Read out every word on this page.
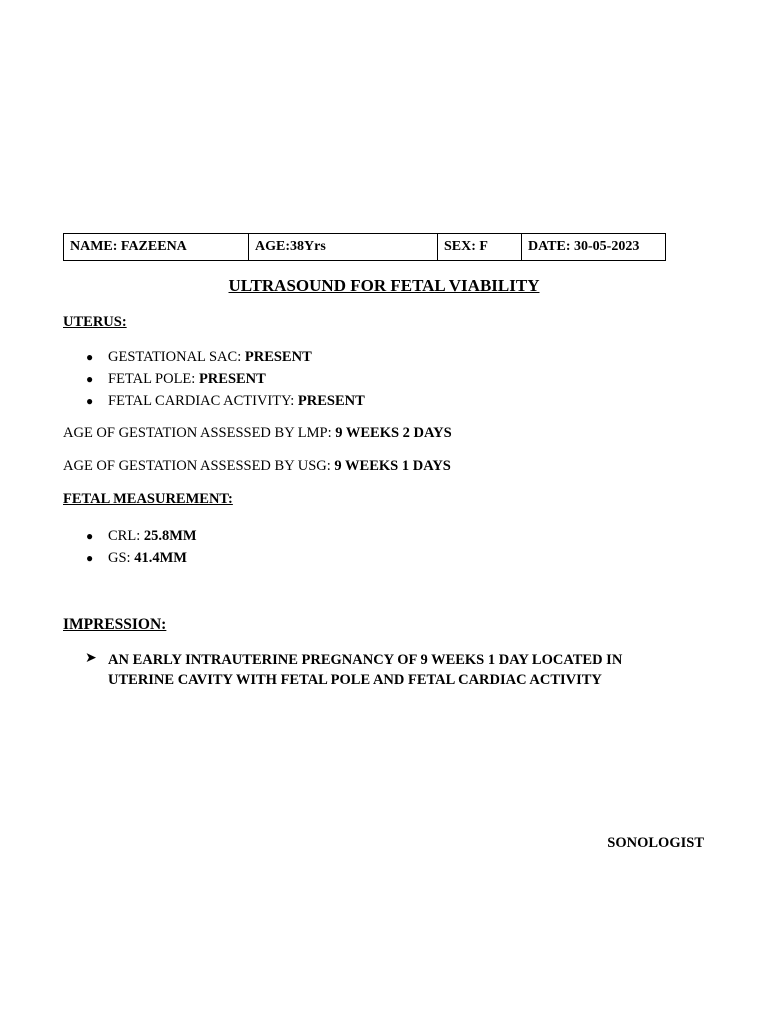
NAME: FAZEENA	AGE:38Yrs	SEX: F	DATE: 30-05-2023
ULTRASOUND FOR FETAL VIABILITY
UTERUS:
● GESTATIONAL SAC: PRESENT
● FETAL POLE: PRESENT
● FETAL CARDIAC ACTIVITY: PRESENT
AGE OF GESTATION ASSESSED BY LMP: 9 WEEKS 2 DAYS
AGE OF GESTATION ASSESSED BY USG: 9 WEEKS 1 DAYS
FETAL MEASUREMENT:
● CRL: 25.8MM
● GS: 41.4MM
IMPRESSION:
➤ AN EARLY INTRAUTERINE PREGNANCY OF 9 WEEKS 1 DAY LOCATED IN UTERINE CAVITY WITH FETAL POLE AND FETAL CARDIAC ACTIVITY
SONOLOGIST
